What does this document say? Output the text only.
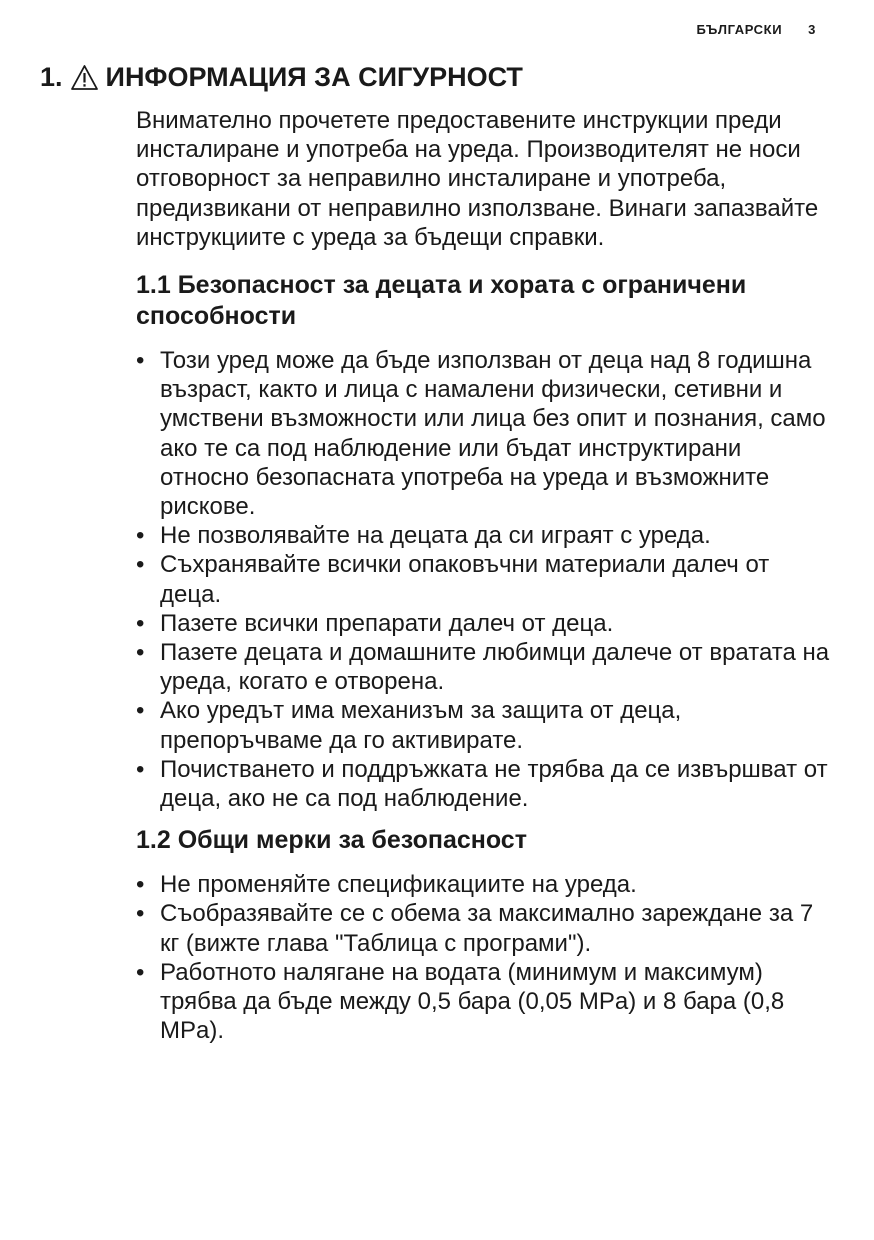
БЪЛГАРСКИ 3
1. ИНФОРМАЦИЯ ЗА СИГУРНОСТ

Внимателно прочетете предоставените инструкции преди инсталиране и употреба на уреда. Производителят не носи отговорност за неправилно инсталиране и употреба, предизвикани от неправилно използване. Винаги запазвайте инструкциите с уреда за бъдещи справки.

1.1 Безопасност за децата и хората с ограничени способности
• Този уред може да бъде използван от деца над 8 годишна възраст, както и лица с намалени физически, сетивни и умствени възможности или лица без опит и познания, само ако те са под наблюдение или бъдат инструктирани относно безопасната употреба на уреда и възможните рискове.
• Не позволявайте на децата да си играят с уреда.
• Съхранявайте всички опаковъчни материали далеч от деца.
• Пазете всички препарати далеч от деца.
• Пазете децата и домашните любимци далече от вратата на уреда, когато е отворена.
• Ако уредът има механизъм за защита от деца, препоръчваме да го активирате.
• Почистването и поддръжката не трябва да се извършват от деца, ако не са под наблюдение.
1.2 Общи мерки за безопасност
• Не променяйте спецификациите на уреда.
• Съобразявайте се с обема за максимално зареждане за 7 кг (вижте глава "Таблица с програми").
• Работното налягане на водата (минимум и максимум) трябва да бъде между 0,5 бара (0,05 MPa) и 8 бара (0,8 MPa).
